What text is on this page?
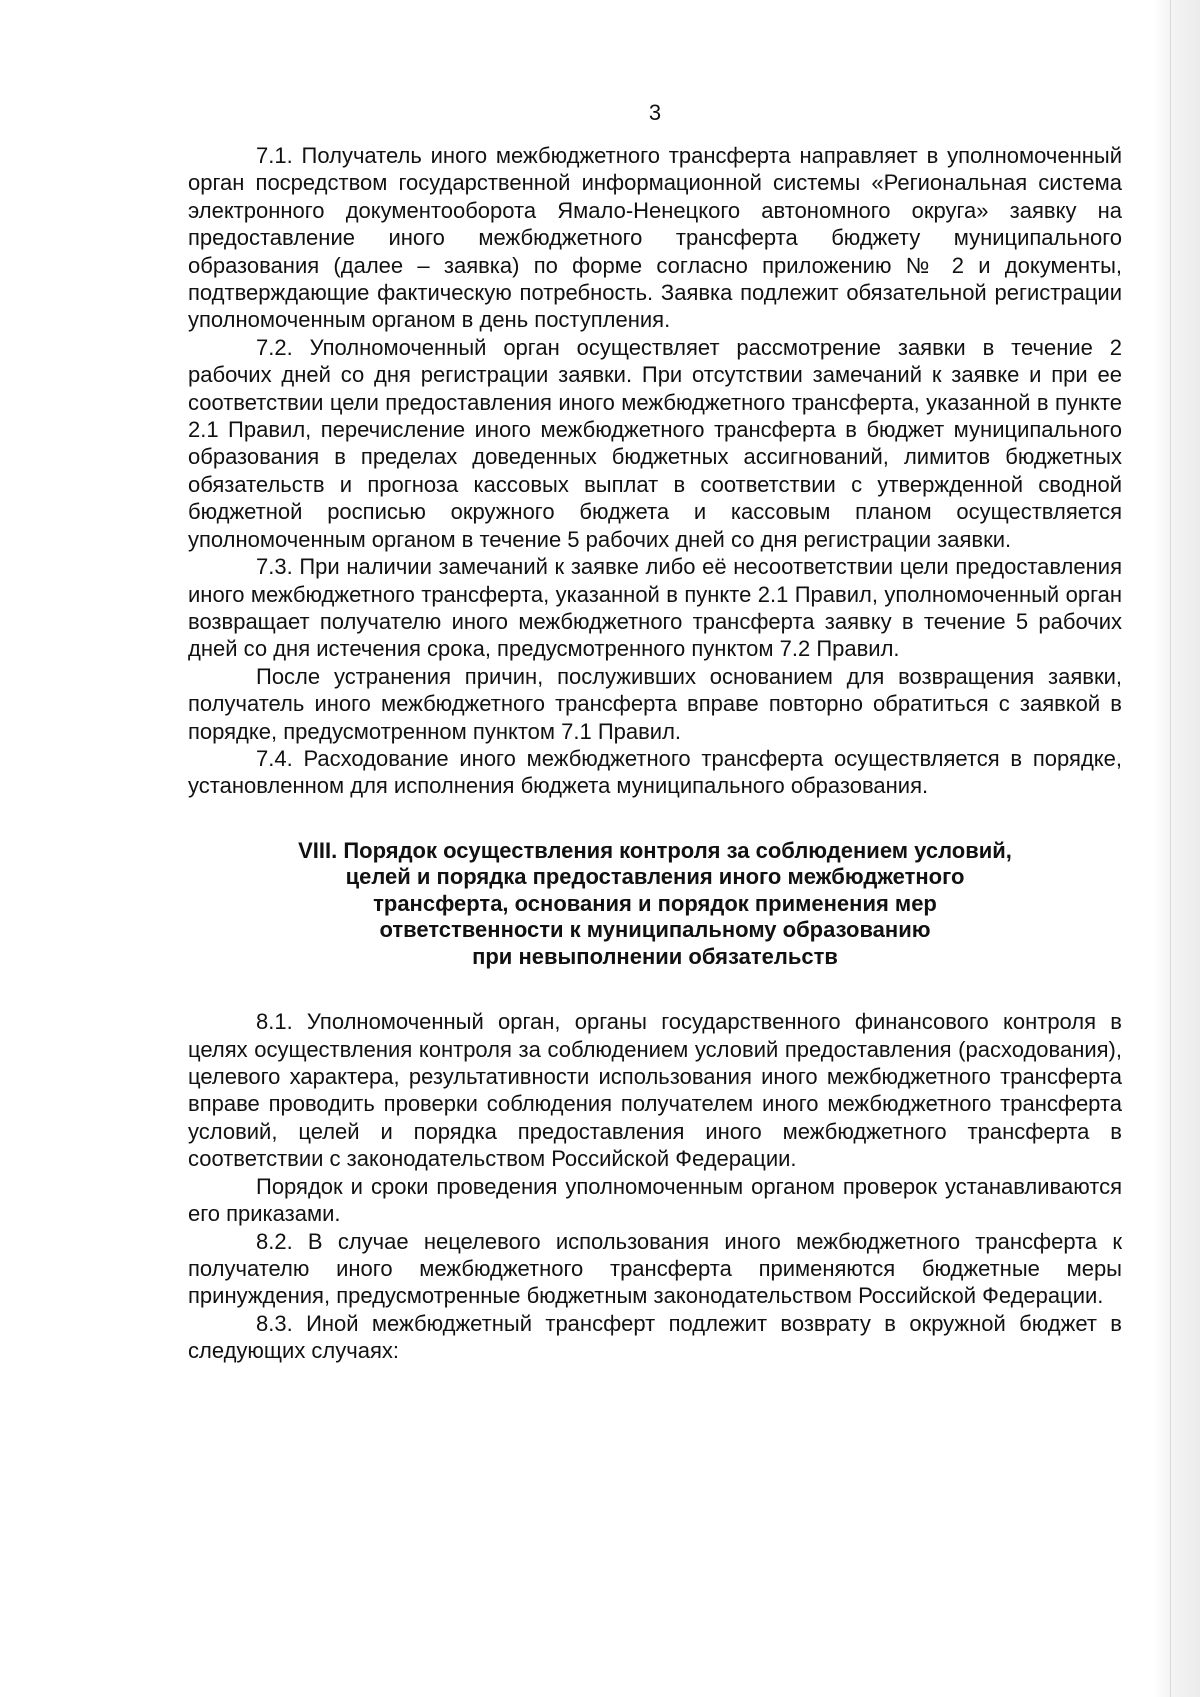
3

7.1. Получатель иного межбюджетного трансферта направляет в уполномоченный орган посредством государственной информационной системы «Региональная система электронного документооборота Ямало-Ненецкого автономного округа» заявку на предоставление иного межбюджетного трансферта бюджету муниципального образования (далее – заявка) по форме согласно приложению № 2 и документы, подтверждающие фактическую потребность. Заявка подлежит обязательной регистрации уполномоченным органом в день поступления.

7.2. Уполномоченный орган осуществляет рассмотрение заявки в течение 2 рабочих дней со дня регистрации заявки. При отсутствии замечаний к заявке и при ее соответствии цели предоставления иного межбюджетного трансферта, указанной в пункте 2.1 Правил, перечисление иного межбюджетного трансферта в бюджет муниципального образования в пределах доведенных бюджетных ассигнований, лимитов бюджетных обязательств и прогноза кассовых выплат в соответствии с утвержденной сводной бюджетной росписью окружного бюджета и кассовым планом осуществляется уполномоченным органом в течение 5 рабочих дней со дня регистрации заявки.

7.3. При наличии замечаний к заявке либо её несоответствии цели предоставления иного межбюджетного трансферта, указанной в пункте 2.1 Правил, уполномоченный орган возвращает получателю иного межбюджетного трансферта заявку в течение 5 рабочих дней со дня истечения срока, предусмотренного пунктом 7.2 Правил.

После устранения причин, послуживших основанием для возвращения заявки, получатель иного межбюджетного трансферта вправе повторно обратиться с заявкой в порядке, предусмотренном пунктом 7.1 Правил.

7.4. Расходование иного межбюджетного трансферта осуществляется в порядке, установленном для исполнения бюджета муниципального образования.

VIII. Порядок осуществления контроля за соблюдением условий,
целей и порядка предоставления иного межбюджетного
трансферта, основания и порядок применения мер
ответственности к муниципальному образованию
при невыполнении обязательств

8.1. Уполномоченный орган, органы государственного финансового контроля в целях осуществления контроля за соблюдением условий предоставления (расходования), целевого характера, результативности использования иного межбюджетного трансферта вправе проводить проверки соблюдения получателем иного межбюджетного трансферта условий, целей и порядка предоставления иного межбюджетного трансферта в соответствии с законодательством Российской Федерации.

Порядок и сроки проведения уполномоченным органом проверок устанавливаются его приказами.

8.2. В случае нецелевого использования иного межбюджетного трансферта к получателю иного межбюджетного трансферта применяются бюджетные меры принуждения, предусмотренные бюджетным законодательством Российской Федерации.

8.3. Иной межбюджетный трансферт подлежит возврату в окружной бюджет в следующих случаях:
